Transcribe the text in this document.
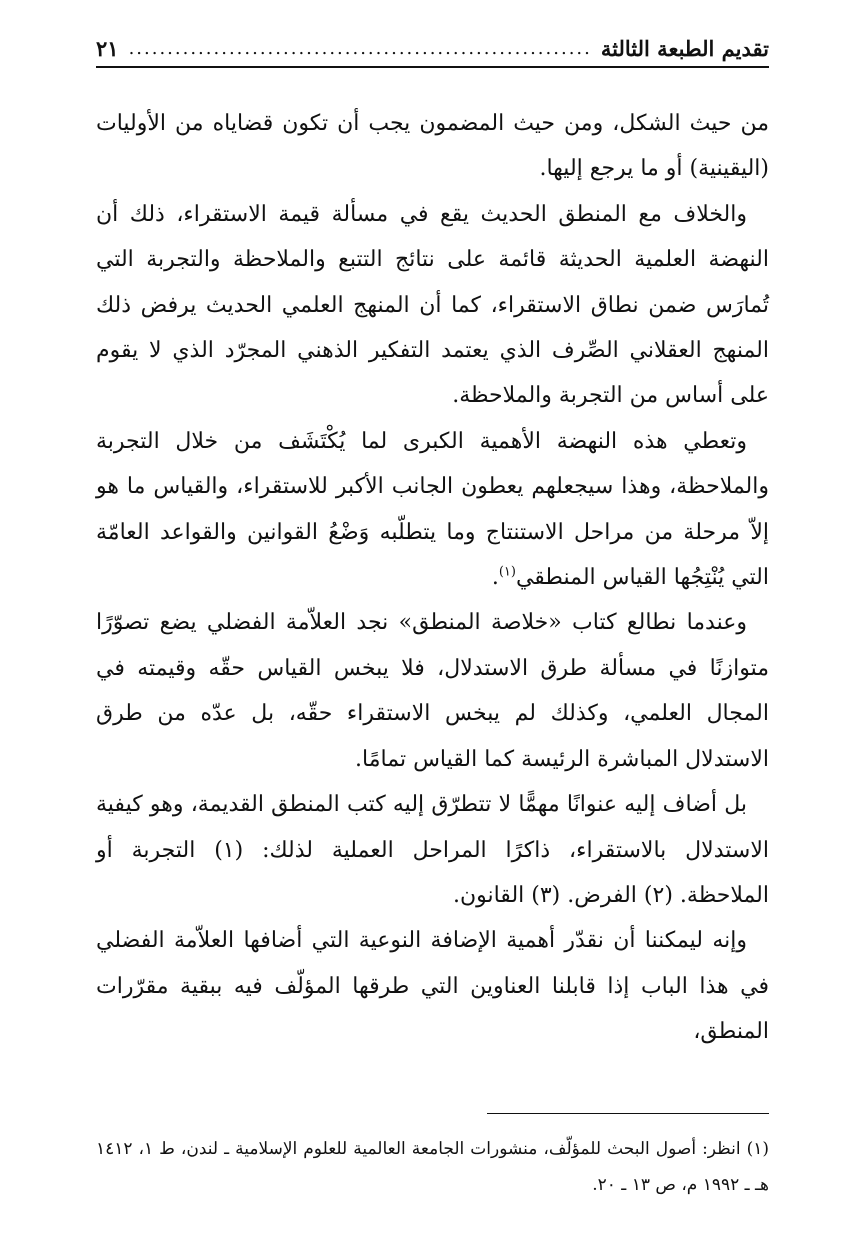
تقديم الطبعة الثالثة
.....
٢١

من حيث الشكل، ومن حيث المضمون يجب أن تكون قضاياه من الأوليات (اليقينية) أو ما يرجع إليها.

والخلاف مع المنطق الحديث يقع في مسألة قيمة الاستقراء، ذلك أن النهضة العلمية الحديثة قائمة على نتائج التتبع والملاحظة والتجربة التي تُمارَس ضمن نطاق الاستقراء، كما أن المنهج العلمي الحديث يرفض ذلك المنهج العقلاني الصِّرف الذي يعتمد التفكير الذهني المجرّد الذي لا يقوم على أساس من التجربة والملاحظة.

وتعطي هذه النهضة الأهمية الكبرى لما يُكْتَشَف من خلال التجربة والملاحظة، وهذا سيجعلهم يعطون الجانب الأكبر للاستقراء، والقياس ما هو إلاّ مرحلة من مراحل الاستنتاج وما يتطلّبه وَضْعُ القوانين والقواعد العامّة التي يُنْتِجُها القياس المنطقي$^{(١)}$.

وعندما نطالع كتاب «خلاصة المنطق» نجد العلاّمة الفضلي يضع تصوّرًا متوازنًا في مسألة طرق الاستدلال، فلا يبخس القياس حقّه وقيمته في المجال العلمي، وكذلك لم يبخس الاستقراء حقّه، بل عدّه من طرق الاستدلال المباشرة الرئيسة كما القياس تمامًا.

بل أضاف إليه عنوانًا مهمًّا لا تتطرّق إليه كتب المنطق القديمة، وهو كيفية الاستدلال بالاستقراء، ذاكرًا المراحل العملية لذلك: (١) التجربة أو الملاحظة. (٢) الفرض. (٣) القانون.

وإنه ليمكننا أن نقدّر أهمية الإضافة النوعية التي أضافها العلاّمة الفضلي في هذا الباب إذا قابلنا العناوين التي طرقها المؤلّف فيه ببقية مقرّرات المنطق،

(١) انظر: أصول البحث للمؤلّف، منشورات الجامعة العالمية للعلوم الإسلامية ـ لندن، ط ١، ١٤١٢ هـ ـ ١٩٩٢ م، ص ١٣ ـ ٢٠.
